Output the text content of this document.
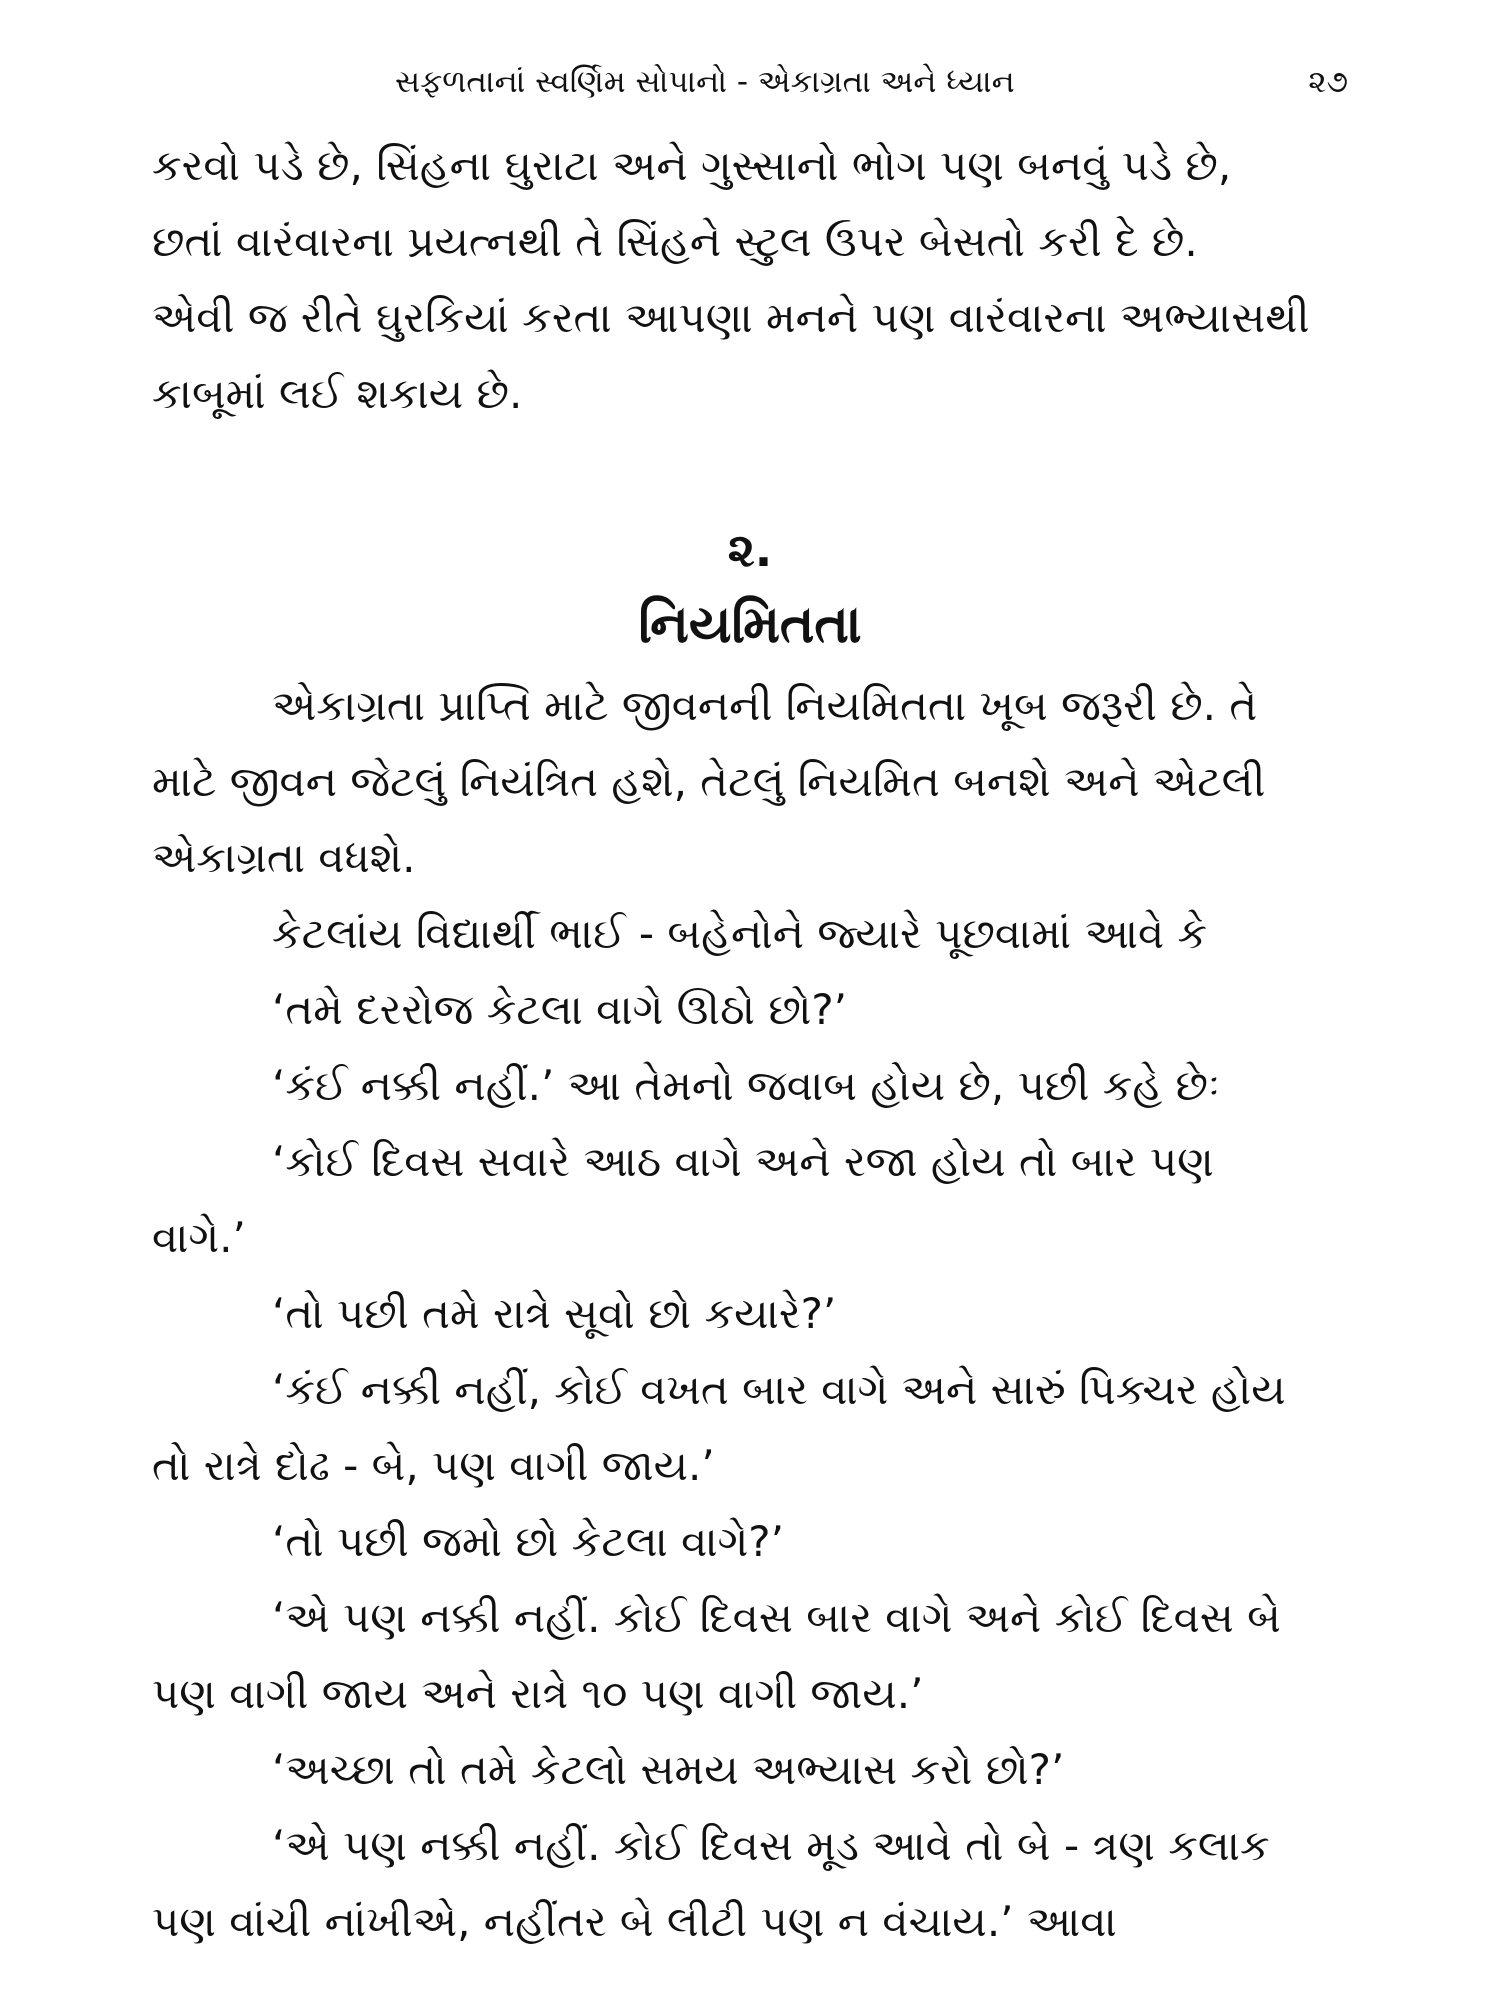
સફળતાનાં સ્વર્ણિમ સોપાનો - એકાગ્રતા અને ધ્યાન	૨૭

કરવો પડે છે, સિંહના ઘુરાટા અને ગુસ્સાનો ભોગ પણ બનવું પડે છે,

છતાં વારંવારના પ્રયત્નથી તે સિંહને સ્ટુલ ઉપર બેસતો કરી દે છે.

એવી જ રીતે ઘુરકિયાં કરતા આપણા મનને પણ વારંવારના અભ્યાસથી

કાબૂમાં લઈ શકાય છે.

૨.
નિયમિતતા

એકાગ્રતા પ્રાપ્તિ માટે જીવનની નિયમિતતા ખૂબ જરૂરી છે. તે

માટે જીવન જેટલું નિયંત્રિત હશે, તેટલું નિયમિત બનશે અને એટલી

એકાગ્રતા વધશે.

કેટલાંય વિદ્યાર્થી ભાઈ - બહેનોને જ્યારે પૂછવામાં આવે કે

‘તમે દરરોજ કેટલા વાગે ઊઠો છો?’

‘કંઈ નક્કી નહીં.’ આ તેમનો જવાબ હોય છે, પછી કહે છેઃ

‘કોઈ દિવસ સવારે આઠ વાગે અને રજા હોય તો બાર પણ

વાગે.’

‘તો પછી તમે રાત્રે સૂવો છો કયારે?’

‘કંઈ નક્કી નહીં, કોઈ વખત બાર વાગે અને સારું પિક્ચર હોય

તો રાત્રે દોઢ - બે, પણ વાગી જાય.’

‘તો પછી જમો છો કેટલા વાગે?’

‘એ પણ નક્કી નહીં. કોઈ દિવસ બાર વાગે અને કોઈ દિવસ બે

પણ વાગી જાય અને રાત્રે ૧૦ પણ વાગી જાય.’

‘અચ્છા તો તમે કેટલો સમય અભ્યાસ કરો છો?’

‘એ પણ નક્કી નહીં. કોઈ દિવસ મૂડ આવે તો બે - ત્રણ કલાક

પણ વાંચી નાંખીએ, નહીંતર બે લીટી પણ ન વંચાય.’ આવા
